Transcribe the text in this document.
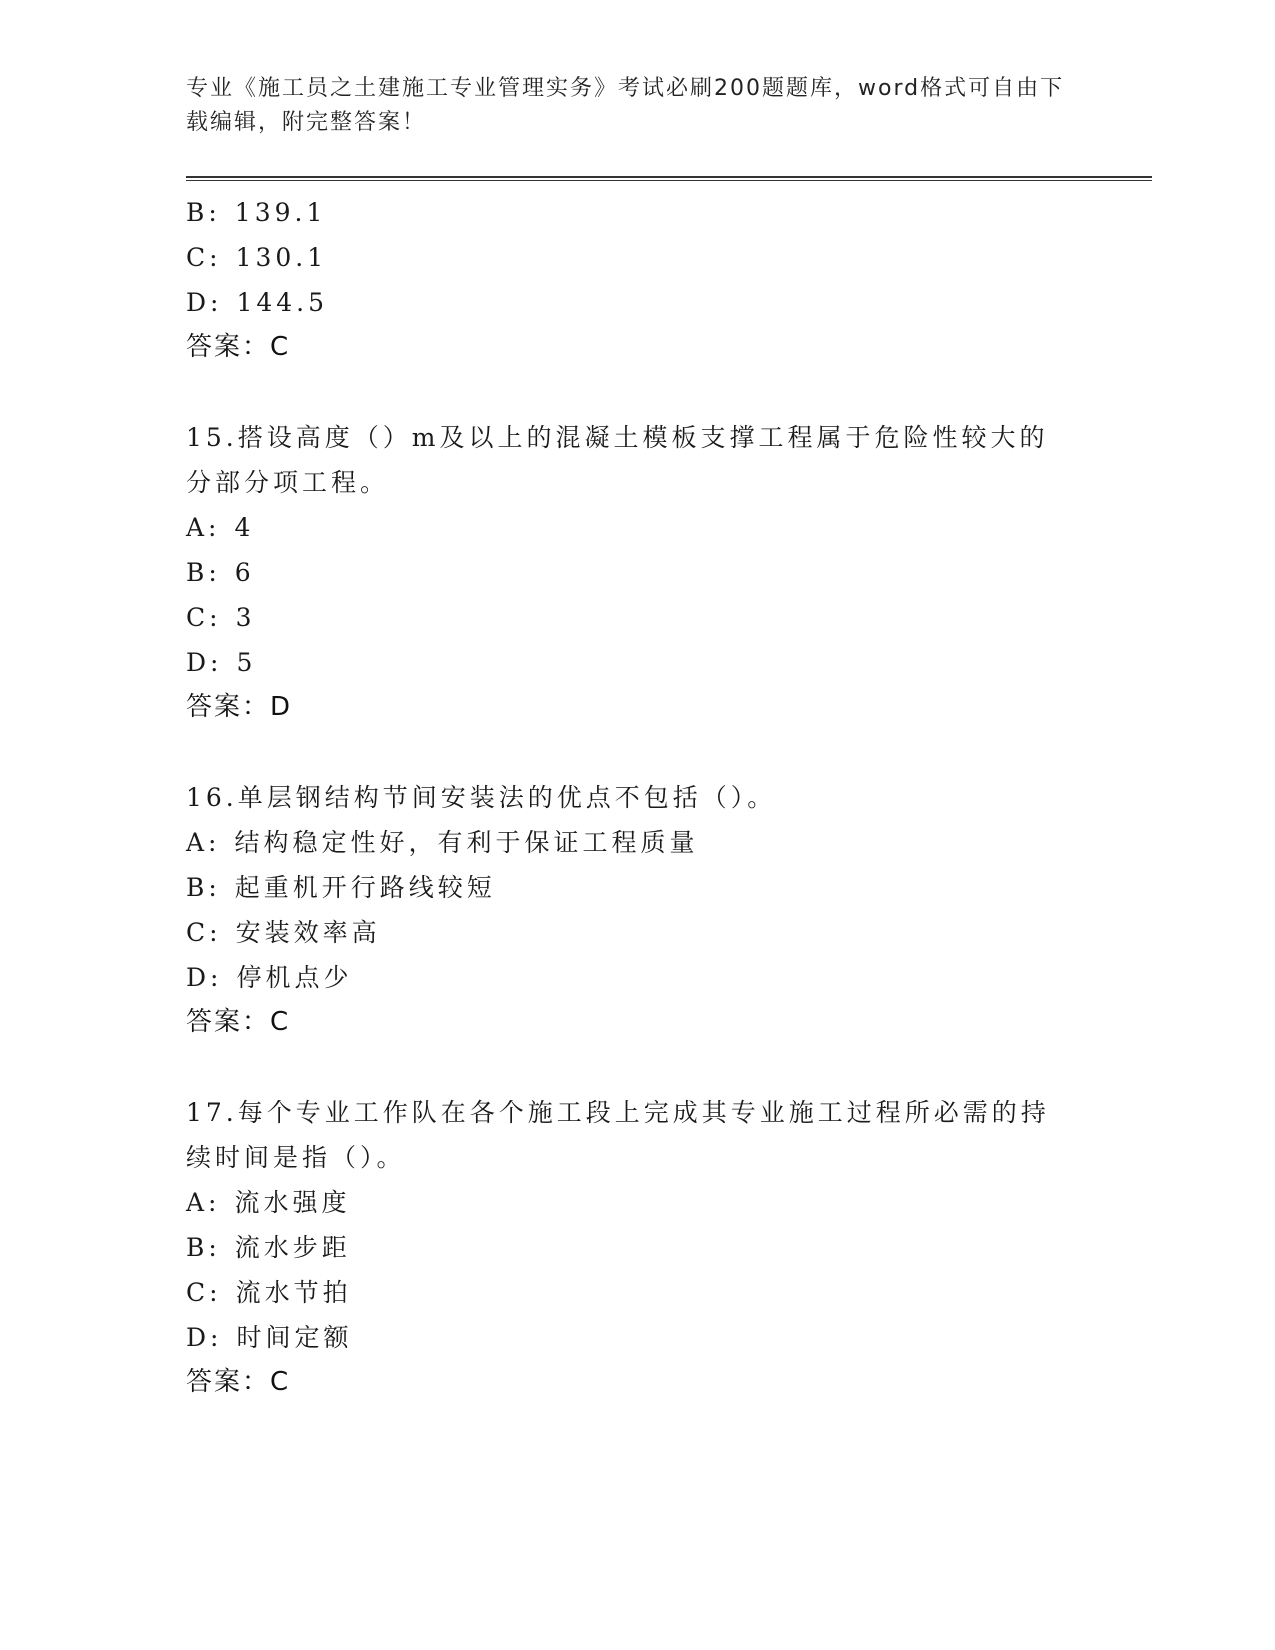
专业《施工员之土建施工专业管理实务》考试必刷200题题库，word格式可自由下载编辑，附完整答案！
B: 139.1
C: 130.1
D: 144.5
答案：C
15.搭设高度（）m及以上的混凝土模板支撑工程属于危险性较大的分部分项工程。
A: 4
B: 6
C: 3
D: 5
答案：D
16.单层钢结构节间安装法的优点不包括（）。
A: 结构稳定性好，有利于保证工程质量
B: 起重机开行路线较短
C: 安装效率高
D: 停机点少
答案：C
17.每个专业工作队在各个施工段上完成其专业施工过程所必需的持续时间是指（）。
A: 流水强度
B: 流水步距
C: 流水节拍
D: 时间定额
答案：C
